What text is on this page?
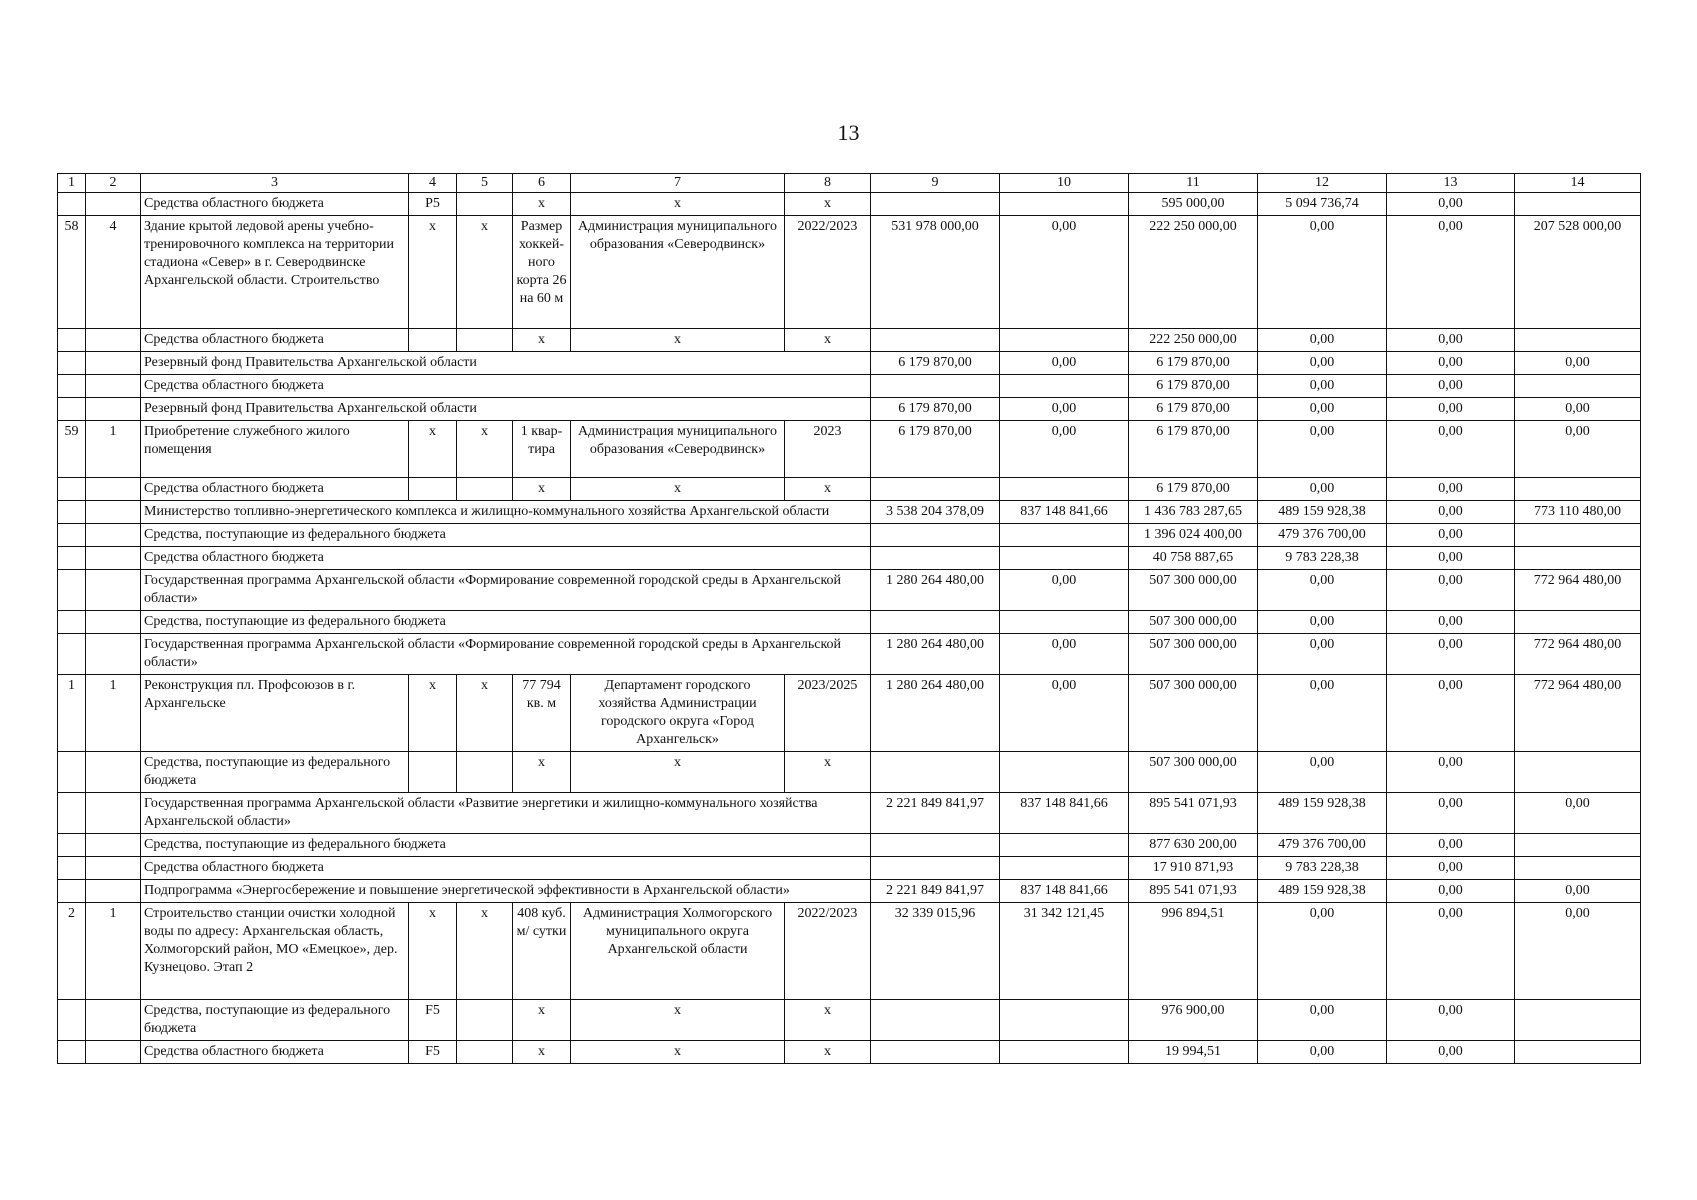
13
1	2	3	4	5	6	7	8	9	10	11	12	13	14
		Средства областного бюджета	Р5		х	х	х			595 000,00	5 094 736,74	0,00	
58	4	Здание крытой ледовой арены учебно-тренировочного комплекса на территории стадиона «Север» в г. Северодвинске Архангельской области. Строительство	х	х	Размер хоккей-ного корта 26 на 60 м	Администрация муниципального образования «Северодвинск»	2022/2023	531 978 000,00	0,00	222 250 000,00	0,00	0,00	207 528 000,00
		Средства областного бюджета			х	х	х			222 250 000,00	0,00	0,00	
		Резервный фонд Правительства Архангельской области						6 179 870,00	0,00	6 179 870,00	0,00	0,00	0,00
		Средства областного бюджета								6 179 870,00	0,00	0,00	
		Резервный фонд Правительства Архангельской области						6 179 870,00	0,00	6 179 870,00	0,00	0,00	0,00
59	1	Приобретение служебного жилого помещения	х	х	1 квар-тира	Администрация муниципального образования «Северодвинск»	2023	6 179 870,00	0,00	6 179 870,00	0,00	0,00	0,00
		Средства областного бюджета			х	х	х			6 179 870,00	0,00	0,00	
		Министерство топливно-энергетического комплекса и жилищно-коммунального хозяйства Архангельской области						3 538 204 378,09	837 148 841,66	1 436 783 287,65	489 159 928,38	0,00	773 110 480,00
		Средства, поступающие из федерального бюджета								1 396 024 400,00	479 376 700,00	0,00	
		Средства областного бюджета								40 758 887,65	9 783 228,38	0,00	
		Государственная программа Архангельской области «Формирование современной городской среды в Архангельской области»						1 280 264 480,00	0,00	507 300 000,00	0,00	0,00	772 964 480,00
		Средства, поступающие из федерального бюджета								507 300 000,00	0,00	0,00	
		Государственная программа Архангельской области «Формирование современной городской среды в Архангельской области»						1 280 264 480,00	0,00	507 300 000,00	0,00	0,00	772 964 480,00
1	1	Реконструкция пл. Профсоюзов в г. Архангельске	х	х	77 794 кв. м	Департамент городского хозяйства Администрации городского округа «Город Архангельск»	2023/2025	1 280 264 480,00	0,00	507 300 000,00	0,00	0,00	772 964 480,00
		Средства, поступающие из федерального бюджета			х	х	х			507 300 000,00	0,00	0,00	
		Государственная программа Архангельской области «Развитие энергетики и жилищно-коммунального хозяйства Архангельской области»						2 221 849 841,97	837 148 841,66	895 541 071,93	489 159 928,38	0,00	0,00
		Средства, поступающие из федерального бюджета								877 630 200,00	479 376 700,00	0,00	
		Средства областного бюджета								17 910 871,93	9 783 228,38	0,00	
		Подпрограмма «Энергосбережение и повышение энергетической эффективности в Архангельской области»						2 221 849 841,97	837 148 841,66	895 541 071,93	489 159 928,38	0,00	0,00
2	1	Строительство станции очистки холодной воды по адресу: Архангельская область, Холмогорский район, МО «Емецкое», дер. Кузнецово. Этап 2	х	х	408 куб. м/ сутки	Администрация Холмогорского муниципального округа Архангельской области	2022/2023	32 339 015,96	31 342 121,45	996 894,51	0,00	0,00	0,00
		Средства, поступающие из федерального бюджета	F5		х	х	х			976 900,00	0,00	0,00	
		Средства областного бюджета	F5		х	х	х			19 994,51	0,00	0,00	
